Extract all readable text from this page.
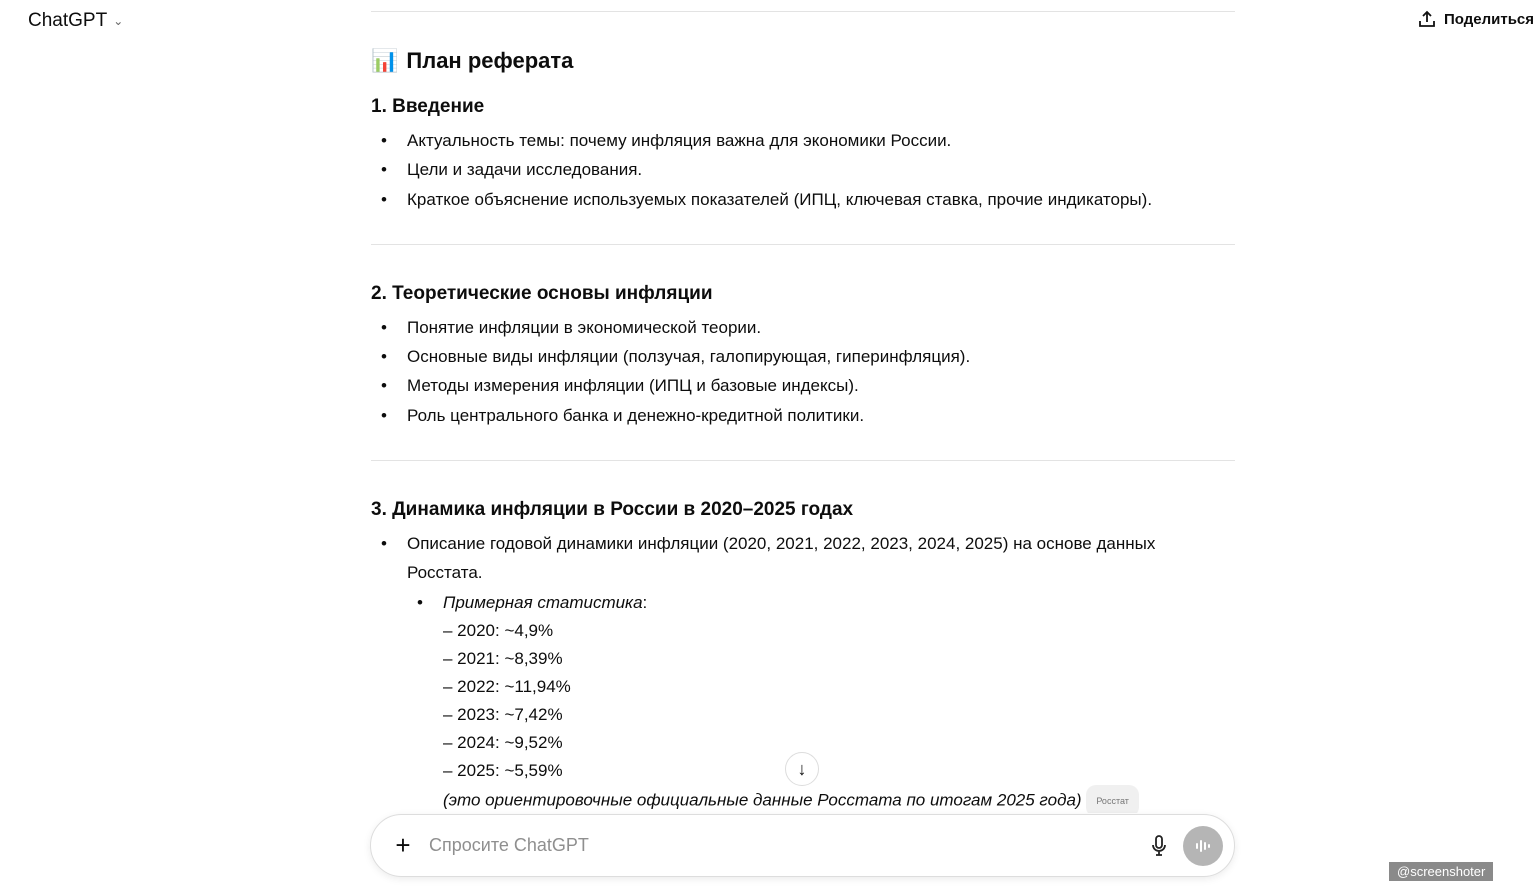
ChatGPT ⌄	Поделиться
📊 План реферата
1. Введение
• Актуальность темы: почему инфляция важна для экономики России.
• Цели и задачи исследования.
• Краткое объяснение используемых показателей (ИПЦ, ключевая ставка, прочие индикаторы).
2. Теоретические основы инфляции
• Понятие инфляции в экономической теории.
• Основные виды инфляции (ползучая, галопирующая, гиперинфляция).
• Методы измерения инфляции (ИПЦ и базовые индексы).
• Роль центрального банка и денежно-кредитной политики.
3. Динамика инфляции в России в 2020–2025 годах
• Описание годовой динамики инфляции (2020, 2021, 2022, 2023, 2024, 2025) на основе данных Росстата.
• Примерная статистика:
– 2020: ~4,9%
– 2021: ~8,39%
– 2022: ~11,94%
– 2023: ~7,42%
– 2024: ~9,52%
– 2025: ~5,59%
(это ориентировочные официальные данные Росстата по итогам 2025 года) Росстат
↓
+
Спросите ChatGPT
@screenshoter
